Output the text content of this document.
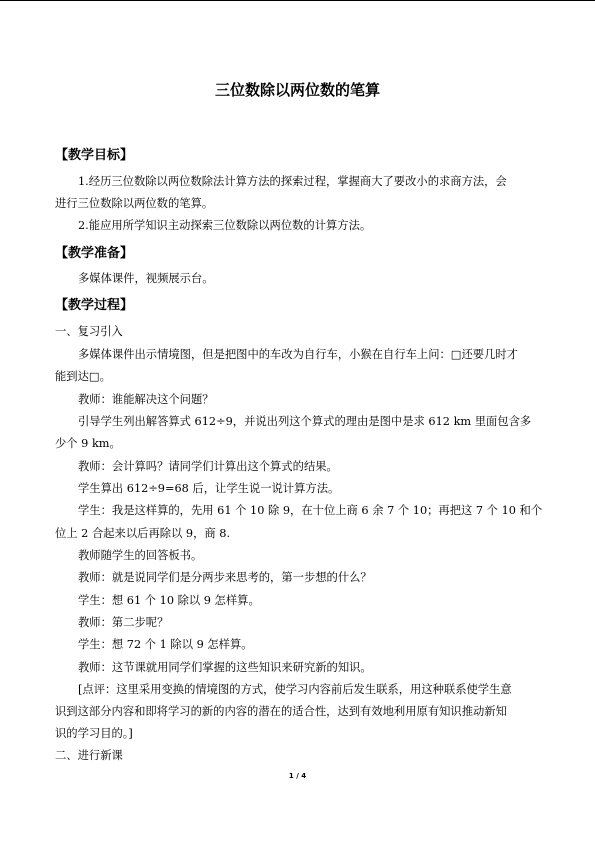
三位数除以两位数的笔算
【教学目标】
1.经历三位数除以两位数除法计算方法的探索过程，掌握商大了要改小的求商方法，会
进行三位数除以两位数的笔算。
2.能应用所学知识主动探索三位数除以两位数的计算方法。
【教学准备】
多媒体课件，视频展示台。
【教学过程】
一、复习引入
多媒体课件出示情境图，但是把图中的车改为自行车，小猴在自行车上问：□还要几时才
能到达□。
教师：谁能解决这个问题？
引导学生列出解答算式 612÷9，并说出列这个算式的理由是图中是求 612 km 里面包含多
少个 9 km。
教师：会计算吗？请同学们计算出这个算式的结果。
学生算出 612÷9=68 后，让学生说一说计算方法。
学生：我是这样算的，先用 61 个 10 除 9，在十位上商 6 余 7 个 10；再把这 7 个 10 和个
位上 2 合起来以后再除以 9，商 8.
教师随学生的回答板书。
教师：就是说同学们是分两步来思考的，第一步想的什么？
学生：想 61 个 10 除以 9 怎样算。
教师：第二步呢？
学生：想 72 个 1 除以 9 怎样算。
教师：这节课就用同学们掌握的这些知识来研究新的知识。
[点评：这里采用变换的情境图的方式，使学习内容前后发生联系，用这种联系使学生意
识到这部分内容和即将学习的新的内容的潜在的适合性，达到有效地利用原有知识推动新知
识的学习目的。]
二、进行新课
1 / 4
